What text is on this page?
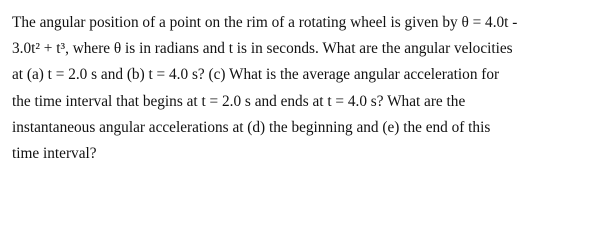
The angular position of a point on the rim of a rotating wheel is given by θ = 4.0t -
3.0t² + t³, where θ is in radians and t is in seconds. What are the angular velocities
at (a) t = 2.0 s and (b) t = 4.0 s? (c) What is the average angular acceleration for
the time interval that begins at t = 2.0 s and ends at t = 4.0 s? What are the
instantaneous angular accelerations at (d) the beginning and (e) the end of this
time interval?
